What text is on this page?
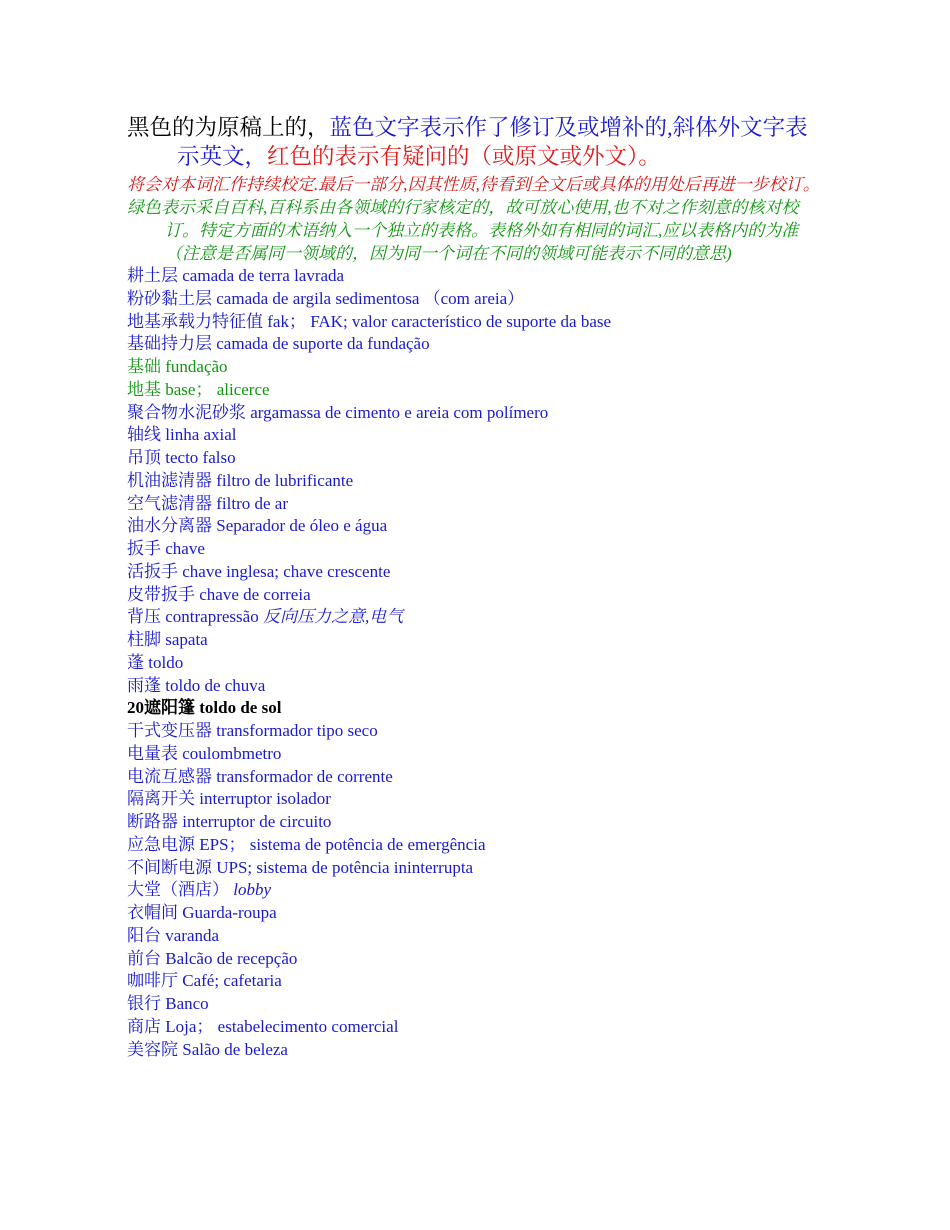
黑色的为原稿上的，蓝色文字表示作了修订及或增补的,斜体外文字表示英文，红色的表示有疑问的（或原文或外文）。
将会对本词汇作持续校定.最后一部分,因其性质,待看到全文后或具体的用处后再进一步校订。
绿色表示采自百科,百科系由各领域的行家核定的，故可放心使用,也不对之作刻意的核对校订。特定方面的术语纳入一个独立的表格。表格外如有相同的词汇,应以表格内的为准（注意是否属同一领域的，因为同一个词在不同的领域可能表示不同的意思)
耕土层 camada de terra lavrada
粉砂黏土层 camada de argila sedimentosa （com areia）
地基承载力特征值 fak； FAK; valor característico de suporte da base
基础持力层 camada de suporte da fundação
基础 fundação
地基 base； alicerce
聚合物水泥砂浆 argamassa de cimento e areia com polímero
轴线 linha axial
吊顶 tecto falso
机油滤清器 filtro de lubrificante
空气滤清器 filtro de ar
油水分离器 Separador de óleo e água
扳手 chave
活扳手 chave inglesa; chave crescente
皮带扳手 chave de correia
背压 contrapressão 反向压力之意,电气
柱脚 sapata
蓬 toldo
雨蓬 toldo de chuva
20遮阳篷 toldo de sol
干式变压器 transformador tipo seco
电量表 coulombmetro
电流互感器 transformador de corrente
隔离开关 interruptor isolador
断路器 interruptor de circuito
应急电源 EPS； sistema de potência de emergência
不间断电源 UPS; sistema de potência ininterrupta
大堂（酒店） lobby
衣帽间 Guarda-roupa
阳台 varanda
前台 Balcão de recepção
咖啡厅 Café; cafetaria
银行 Banco
商店 Loja； estabelecimento comercial
美容院 Salão de beleza
